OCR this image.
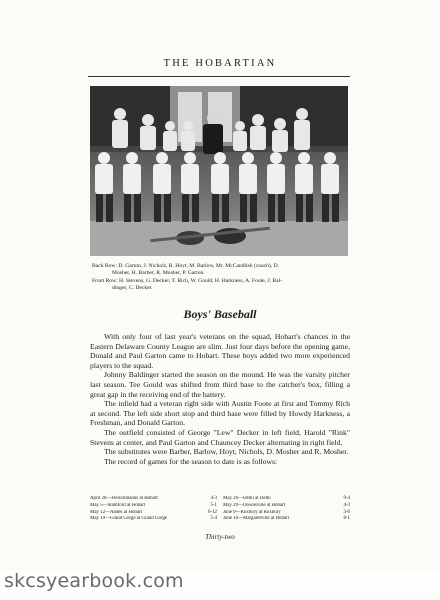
THE HOBARTIAN
Back Row: D. Garton, J. Nichols, R. Hoyt, M. Barlow, Mr. McCandlish (coach), D.
Mosher, H. Barber, R. Mosher, P. Garton.
Front Row: H. Stevens, G. Decker, T. Rich, W. Gould, H. Harkness, A. Foote, J. Bal-
dinger, C. Decker.
Boys' Baseball

With only four of last year's veterans on the squad, Hobart's chances in the Eastern Delaware County League are slim. Just four days before the opening game, Donald and Paul Garton came to Hobart. These boys added two more experienced players to the squad.

Johnny Baldinger started the season on the mound. He was the varsity pitcher last season. Tee Gould was shifted from third base to the catcher's box, filling a great gap in the receiving end of the battery.

The infield had a veteran right side with Austin Foote at first and Tommy Rich at second. The left side short stop and third base were filled by Howdy Harkness, a Freshman, and Donald Garton.

The outfield consisted of George "Lew" Decker in left field, Harold "Rink" Stevens at center, and Paul Garton and Chauncey Decker alternating in right field.

The substitutes were Barber, Barlow, Hoyt, Nichols, D. Mosher and R. Mosher.

The record of games for the season to date is as follows:

April 28—Fleischmanns at Hobart	4-3
May 5—Stamford at Hobart	5-1
May 12—Andes at Hobart	6-12
May 19—Grand Gorge at Grand Gorge	5-4
May 26—Delhi at Delhi	9-4
May 29—Downsville at Hobart	4-3
June 9—Roxbury at Roxbury	3-6
June 16—Margaretville at Hobart	8-1
Thirty-two
skcsyearbook.com
